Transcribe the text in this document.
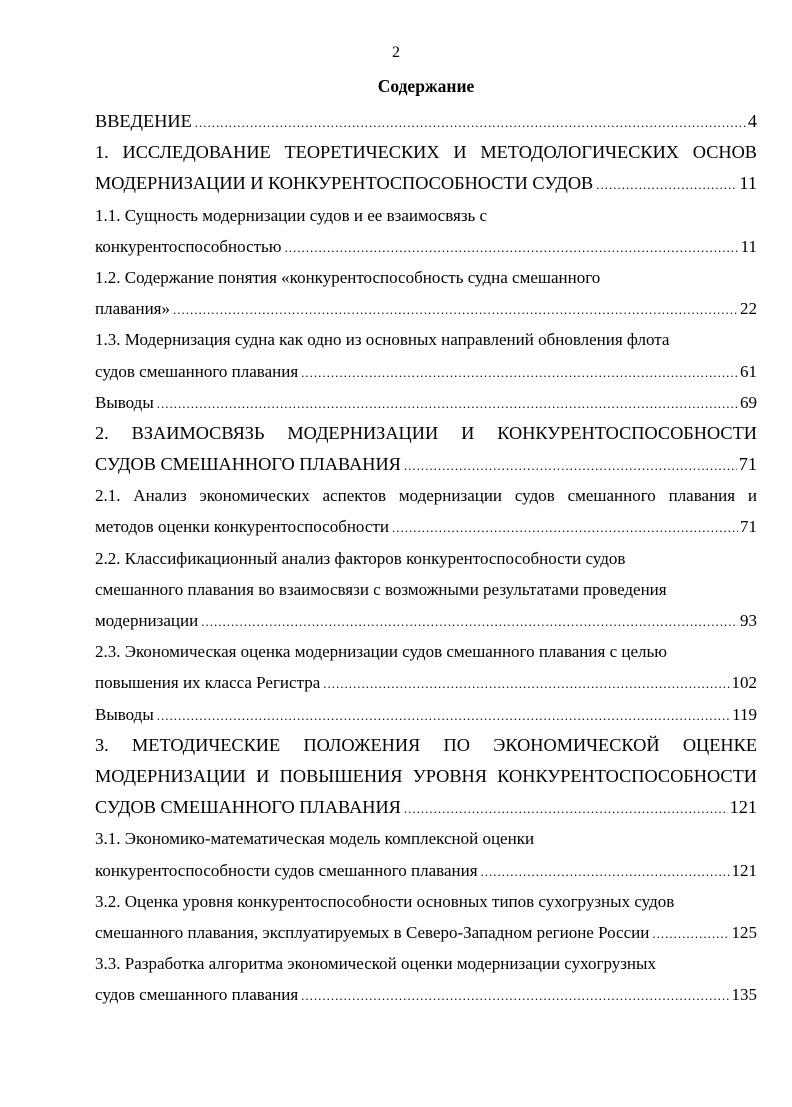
2
Содержание
ВВЕДЕНИЕ .....	4
1. ИССЛЕДОВАНИЕ ТЕОРЕТИЧЕСКИХ И МЕТОДОЛОГИЧЕСКИХ ОСНОВ
МОДЕРНИЗАЦИИ И КОНКУРЕНТОСПОСОБНОСТИ СУДОВ .....	11
1.1. Сущность модернизации судов и ее взаимосвязь с
конкурентоспособностью .....	11
1.2. Содержание понятия «конкурентоспособность судна смешанного
плавания» .....	22
1.3. Модернизация судна как одно из основных направлений обновления флота
судов смешанного плавания .....	61
Выводы .....	69
2. ВЗАИМОСВЯЗЬ МОДЕРНИЗАЦИИ И КОНКУРЕНТОСПОСОБНОСТИ
СУДОВ СМЕШАННОГО ПЛАВАНИЯ .....	71
2.1. Анализ экономических аспектов модернизации судов смешанного плавания и
методов оценки конкурентоспособности .....	71
2.2. Классификационный анализ факторов конкурентоспособности судов
смешанного плавания во взаимосвязи с возможными результатами проведения
модернизации .....	93
2.3. Экономическая оценка модернизации судов смешанного плавания с целью
повышения их класса Регистра .....	102
Выводы .....	119
3. МЕТОДИЧЕСКИЕ ПОЛОЖЕНИЯ ПО ЭКОНОМИЧЕСКОЙ ОЦЕНКЕ
МОДЕРНИЗАЦИИ И ПОВЫШЕНИЯ УРОВНЯ КОНКУРЕНТОСПОСОБНОСТИ
СУДОВ СМЕШАННОГО ПЛАВАНИЯ .....	121
3.1. Экономико-математическая модель комплексной оценки
конкурентоспособности судов смешанного плавания .....	121
3.2. Оценка уровня конкурентоспособности основных типов сухогрузных судов
смешанного плавания, эксплуатируемых в Северо-Западном регионе России .....	125
3.3. Разработка алгоритма экономической оценки модернизации сухогрузных
судов смешанного плавания .....	135
